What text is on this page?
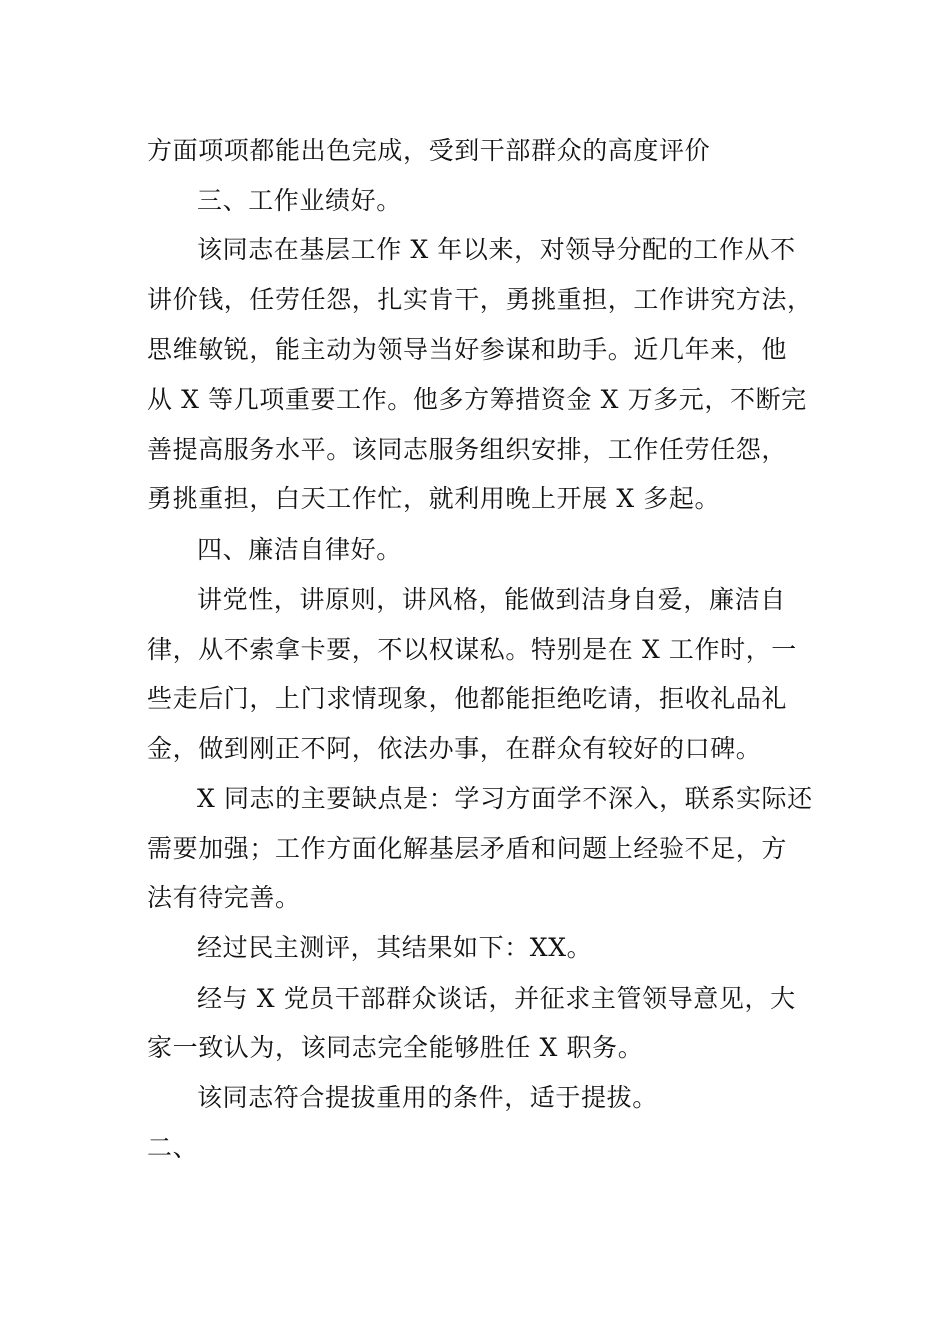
方面项项都能出色完成，受到干部群众的高度评价
三、工作业绩好。
该同志在基层工作 X 年以来，对领导分配的工作从不
讲价钱，任劳任怨，扎实肯干，勇挑重担，工作讲究方法，
思维敏锐，能主动为领导当好参谋和助手。近几年来，他
从 X 等几项重要工作。他多方筹措资金 X 万多元，不断完
善提高服务水平。该同志服务组织安排，工作任劳任怨，
勇挑重担，白天工作忙，就利用晚上开展 X 多起。
四、廉洁自律好。
讲党性，讲原则，讲风格，能做到洁身自爱，廉洁自
律，从不索拿卡要，不以权谋私。特别是在 X 工作时，一
些走后门，上门求情现象，他都能拒绝吃请，拒收礼品礼
金，做到刚正不阿，依法办事，在群众有较好的口碑。
X 同志的主要缺点是：学习方面学不深入，联系实际还
需要加强；工作方面化解基层矛盾和问题上经验不足，方
法有待完善。
经过民主测评，其结果如下：XX。
经与 X 党员干部群众谈话，并征求主管领导意见，大
家一致认为，该同志完全能够胜任 X 职务。
该同志符合提拔重用的条件，适于提拔。
二、
